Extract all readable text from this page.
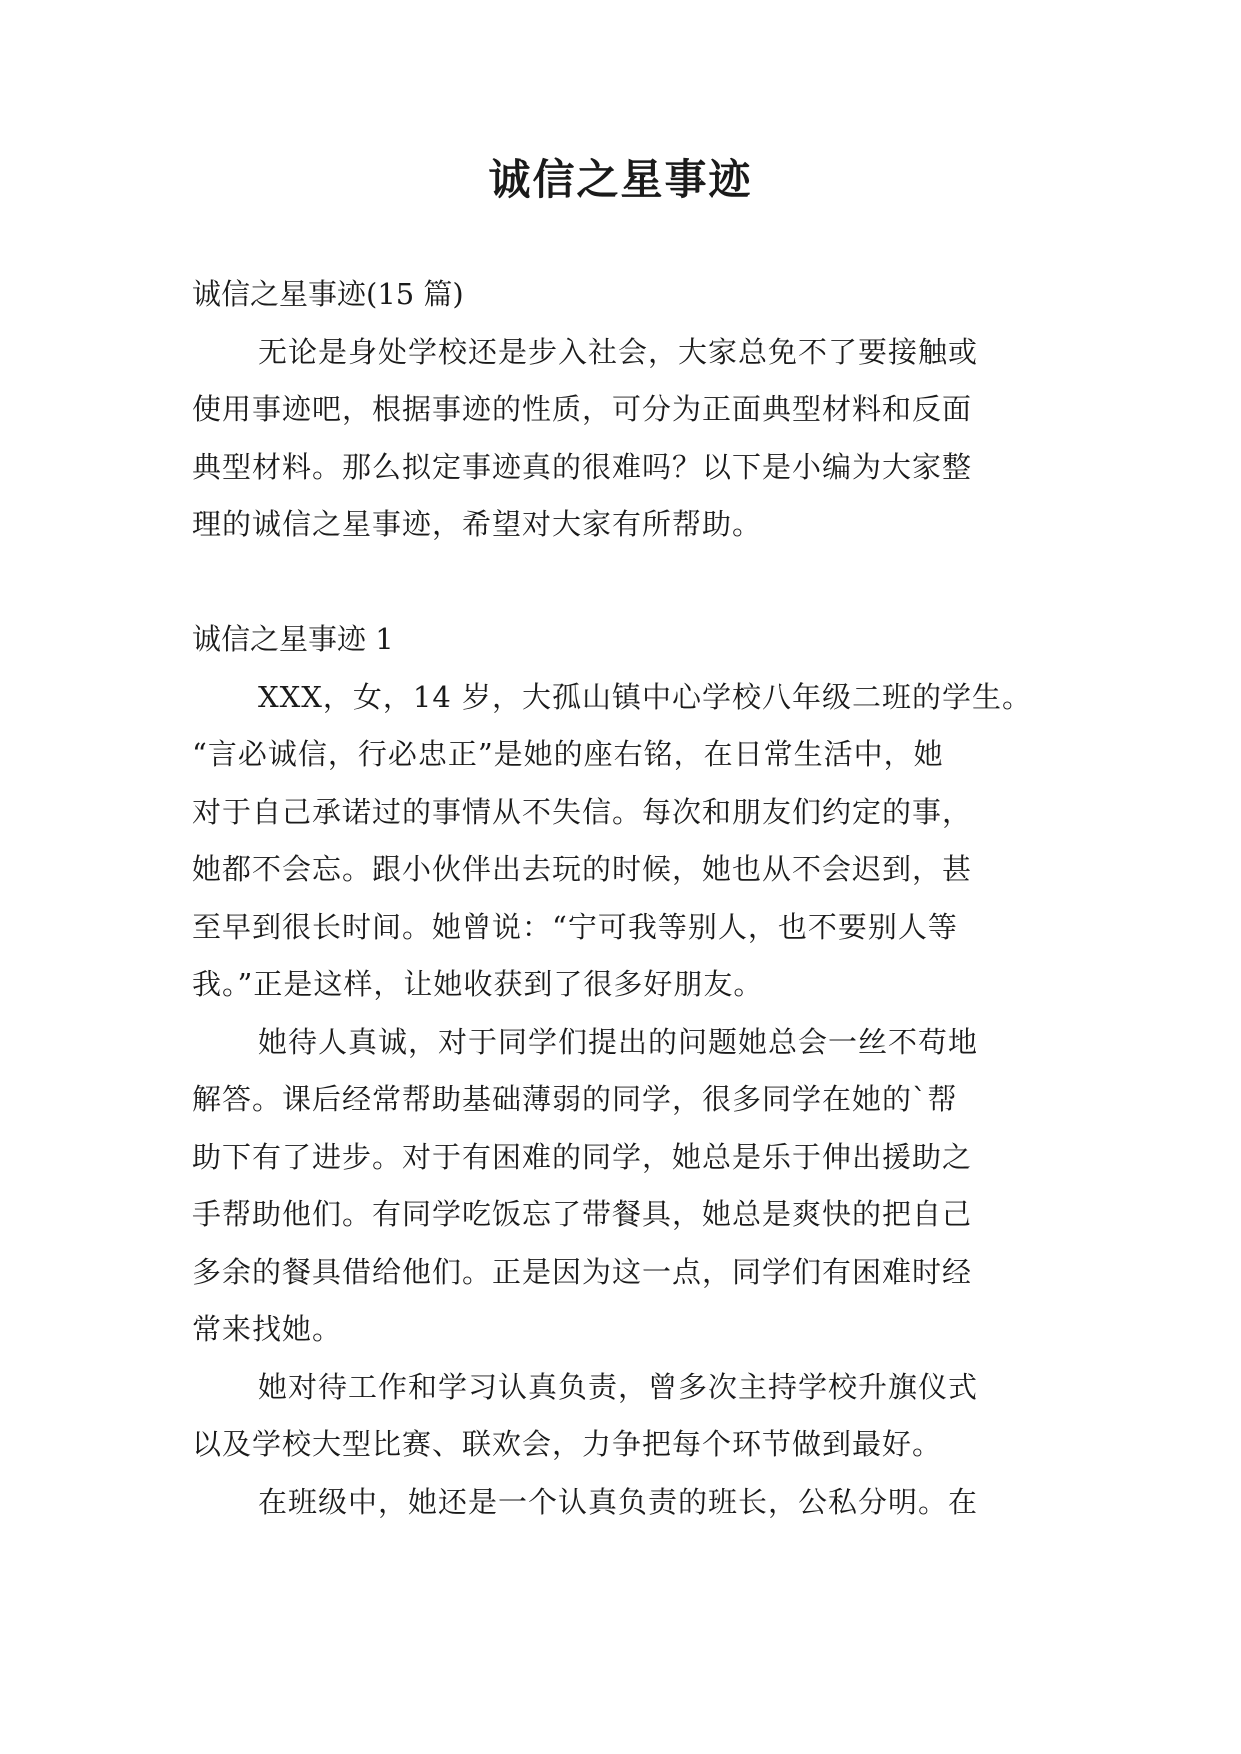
诚信之星事迹

诚信之星事迹(15 篇)

无论是身处学校还是步入社会，大家总免不了要接触或
使用事迹吧，根据事迹的性质，可分为正面典型材料和反面
典型材料。那么拟定事迹真的很难吗？以下是小编为大家整
理的诚信之星事迹，希望对大家有所帮助。

诚信之星事迹 1

XXX，女，14 岁，大孤山镇中心学校八年级二班的学生。
“言必诚信，行必忠正”是她的座右铭，在日常生活中，她
对于自己承诺过的事情从不失信。每次和朋友们约定的事，
她都不会忘。跟小伙伴出去玩的时候，她也从不会迟到，甚
至早到很长时间。她曾说：“宁可我等别人，也不要别人等
我。”正是这样，让她收获到了很多好朋友。

她待人真诚，对于同学们提出的问题她总会一丝不苟地
解答。课后经常帮助基础薄弱的同学，很多同学在她的`帮
助下有了进步。对于有困难的同学，她总是乐于伸出援助之
手帮助他们。有同学吃饭忘了带餐具，她总是爽快的把自己
多余的餐具借给他们。正是因为这一点，同学们有困难时经
常来找她。

她对待工作和学习认真负责，曾多次主持学校升旗仪式
以及学校大型比赛、联欢会，力争把每个环节做到最好。

在班级中，她还是一个认真负责的班长，公私分明。在
